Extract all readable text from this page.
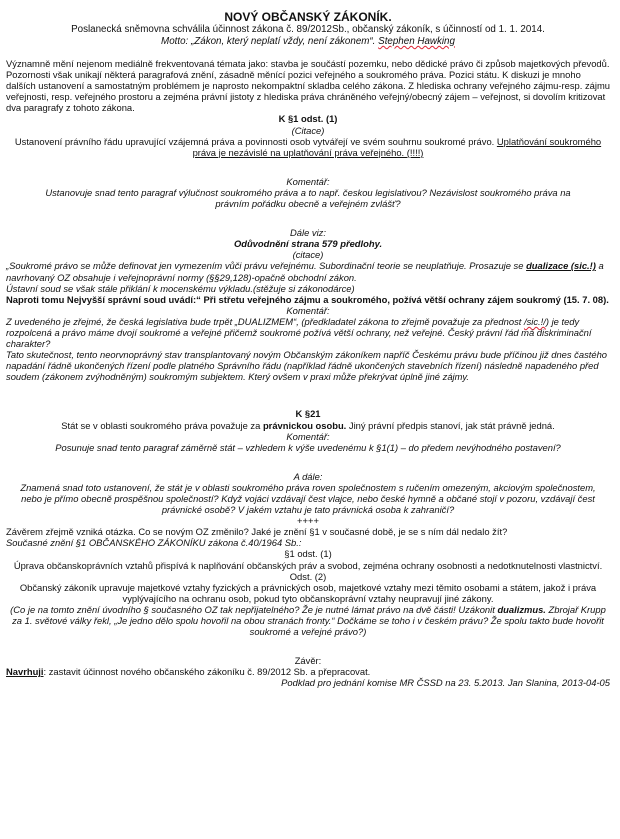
NOVÝ OBČANSKÝ ZÁKONÍK.

Poslanecká sněmovna schválila účinnost zákona č. 89/2012Sb., občanský zákoník, s účinností od 1. 1. 2014.

Motto: „Zákon, který neplatí vždy, není zákonem“. Stephen Hawking

Významně mění nejenom mediálně frekventovaná témata jako: stavba je součástí pozemku, nebo dědické právo či způsob majetkových převodů. Pozornosti však unikají některá paragrafová znění, zásadně měnící pozici veřejného a soukromého práva. Pozici státu. K diskuzi je mnoho dalších ustanovení a samostatným problémem je naprosto nekompaktní skladba celého zákona. Z hlediska ochrany veřejného zájmu-resp. zájmu veřejnosti, resp. veřejného prostoru a zejména právní jistoty z hlediska práva chráněného veřejný/obecný zájem – veřejnost, si dovolím kritizovat dva paragrafy z tohoto zákona.

K §1 odst. (1)

(Citace)

Ustanovení právního řádu upravující vzájemná práva a povinnosti osob vytvářejí ve svém souhrnu soukromé právo. Uplatňování soukromého práva je nezávislé na uplatňování práva veřejného. (!!!!)

Komentář:

Ustanovuje snad tento paragraf výlučnost soukromého práva a to např. českou legislativou? Nezávislost soukromého práva na právním pořádku obecně a veřejném zvlášť?

Dále viz:

Odůvodnění strana 579 předlohy.

(citace)

„Soukromé právo se může definovat jen vymezením vůči právu veřejnému. Subordinační teorie se neuplatňuje. Prosazuje se dualizace (sic.!) a navrhovaný OZ obsahuje i veřejnoprávní normy (§§29,128)-opačně obchodní zákon.

Ústavní soud se však stále přiklání k mocenskému výkladu.(stěžuje si zákonodárce)

Naproti tomu Nejvyšší správní soud uvádí:“ Při střetu veřejného zájmu a soukromého, požívá větší ochrany zájem soukromý (15. 7. 08).

Komentář:

Z uvedeného je zřejmé, že česká legislativa bude trpět „DUALIZMEM“, (předkladatel zákona to zřejmě považuje za přednost /sic.!/) je tedy rozpolcená a právo máme dvojí soukromé a veřejné přičemž soukromé požívá větší ochrany, než veřejné. Český právní řád má diskriminační charakter?

Tato skutečnost, tento neorvnoprávný stav transplantovaný novým Občanským zákoníkem napříč Českému právu bude příčinou již dnes častého napadání řádně ukončených řízení podle platného Správního řádu (například řádně ukončených stavebních řízení) následně napadeného před soudem (zákonem zvýhodněným) soukromým subjektem. Který ovšem v praxi může překrývat úplně jiné zájmy.

K §21

Stát se v oblasti soukromého práva považuje za právnickou osobu. Jiný právní předpis stanoví, jak stát právně jedná.

Komentář:

Posunuje snad tento paragraf záměrně stát – vzhledem k výše uvedenému k §1(1) – do předem nevýhodného postavení?

A dále:

Znamená snad toto ustanovení, že stát je v oblasti soukromého práva roven společnostem s ručením omezeným, akciovým společnostem, nebo je přímo obecně prospěšnou společností? Když vojáci vzdávají čest vlajce, nebo české hymně a občané stojí v pozoru, vzdávají čest právnické osobě? V jakém vztahu je tato právnická osoba k zahraničí?

++++

Závěrem zřejmě vzniká otázka. Co se novým OZ změnilo? Jaké je znění §1 v současné době, je se s ním dál nedalo žít?

Současné znění §1 OBČANSKÉHO ZÁKONÍKU zákona č.40/1964 Sb.:

§1 odst. (1)

Úprava občanskoprávních vztahů přispívá k naplňování občanských práv a svobod, zejména ochrany osobnosti a nedotknutelnosti vlastnictví.

Odst. (2)

Občanský zákoník upravuje majetkové vztahy fyzických a právnických osob, majetkové vztahy mezi těmito osobami a státem, jakož i práva vyplývajícího na ochranu osob, pokud tyto občanskoprávní vztahy neupravují jiné zákony.

(Co je na tomto znění úvodního § současného OZ tak nepřijatelného? Že je nutné lámat právo na dvě části! Uzákonit dualizmus. Zbrojař Krupp za 1. světové války řekl, „Je jedno dělo spolu hovořil na obou stranách fronty.“ Dočkáme se toho i v českém právu? Že spolu takto bude hovořit soukromé a veřejné právo?)

Závěr:

Navrhuji: zastavit účinnost nového občanského zákoníku č. 89/2012 Sb. a přepracovat.

Podklad pro jednání komise MR ČSSD na 23. 5.2013. Jan Slanina, 2013-04-05
